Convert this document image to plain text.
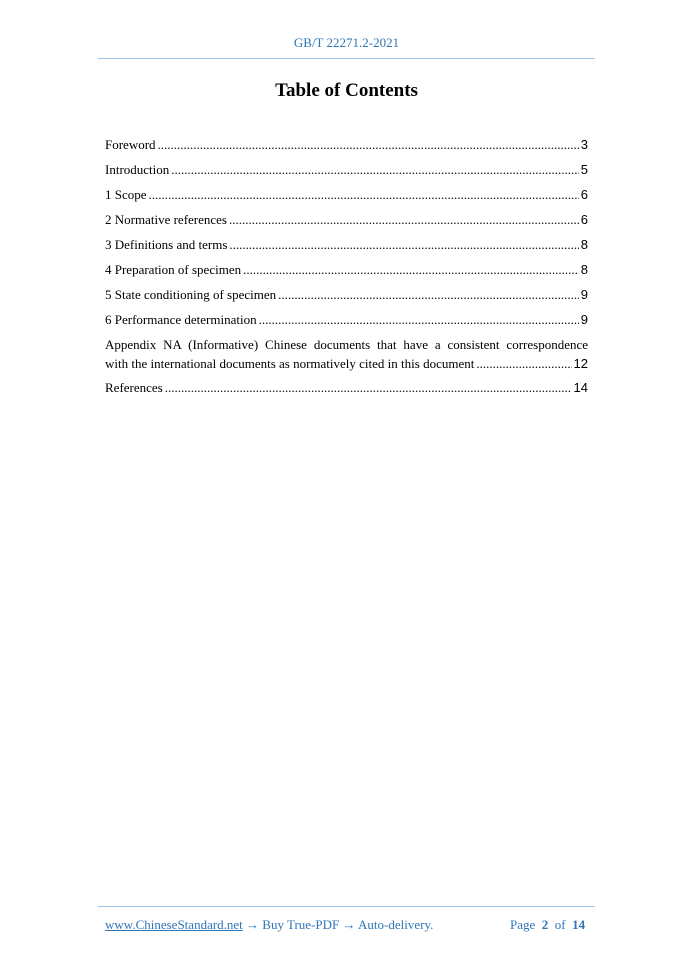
GB/T 22271.2-2021
Table of Contents
Foreword .....	3
Introduction .....	5
1 Scope .....	6
2 Normative references .....	6
3 Definitions and terms .....	8
4 Preparation of specimen .....	8
5 State conditioning of specimen .....	9
6 Performance determination .....	9
Appendix NA (Informative) Chinese documents that have a consistent correspondence
with the international documents as normatively cited in this document .....	12
References .....	14
www.ChineseStandard.net → Buy True-PDF → Auto-delivery.	Page 2 of 14
